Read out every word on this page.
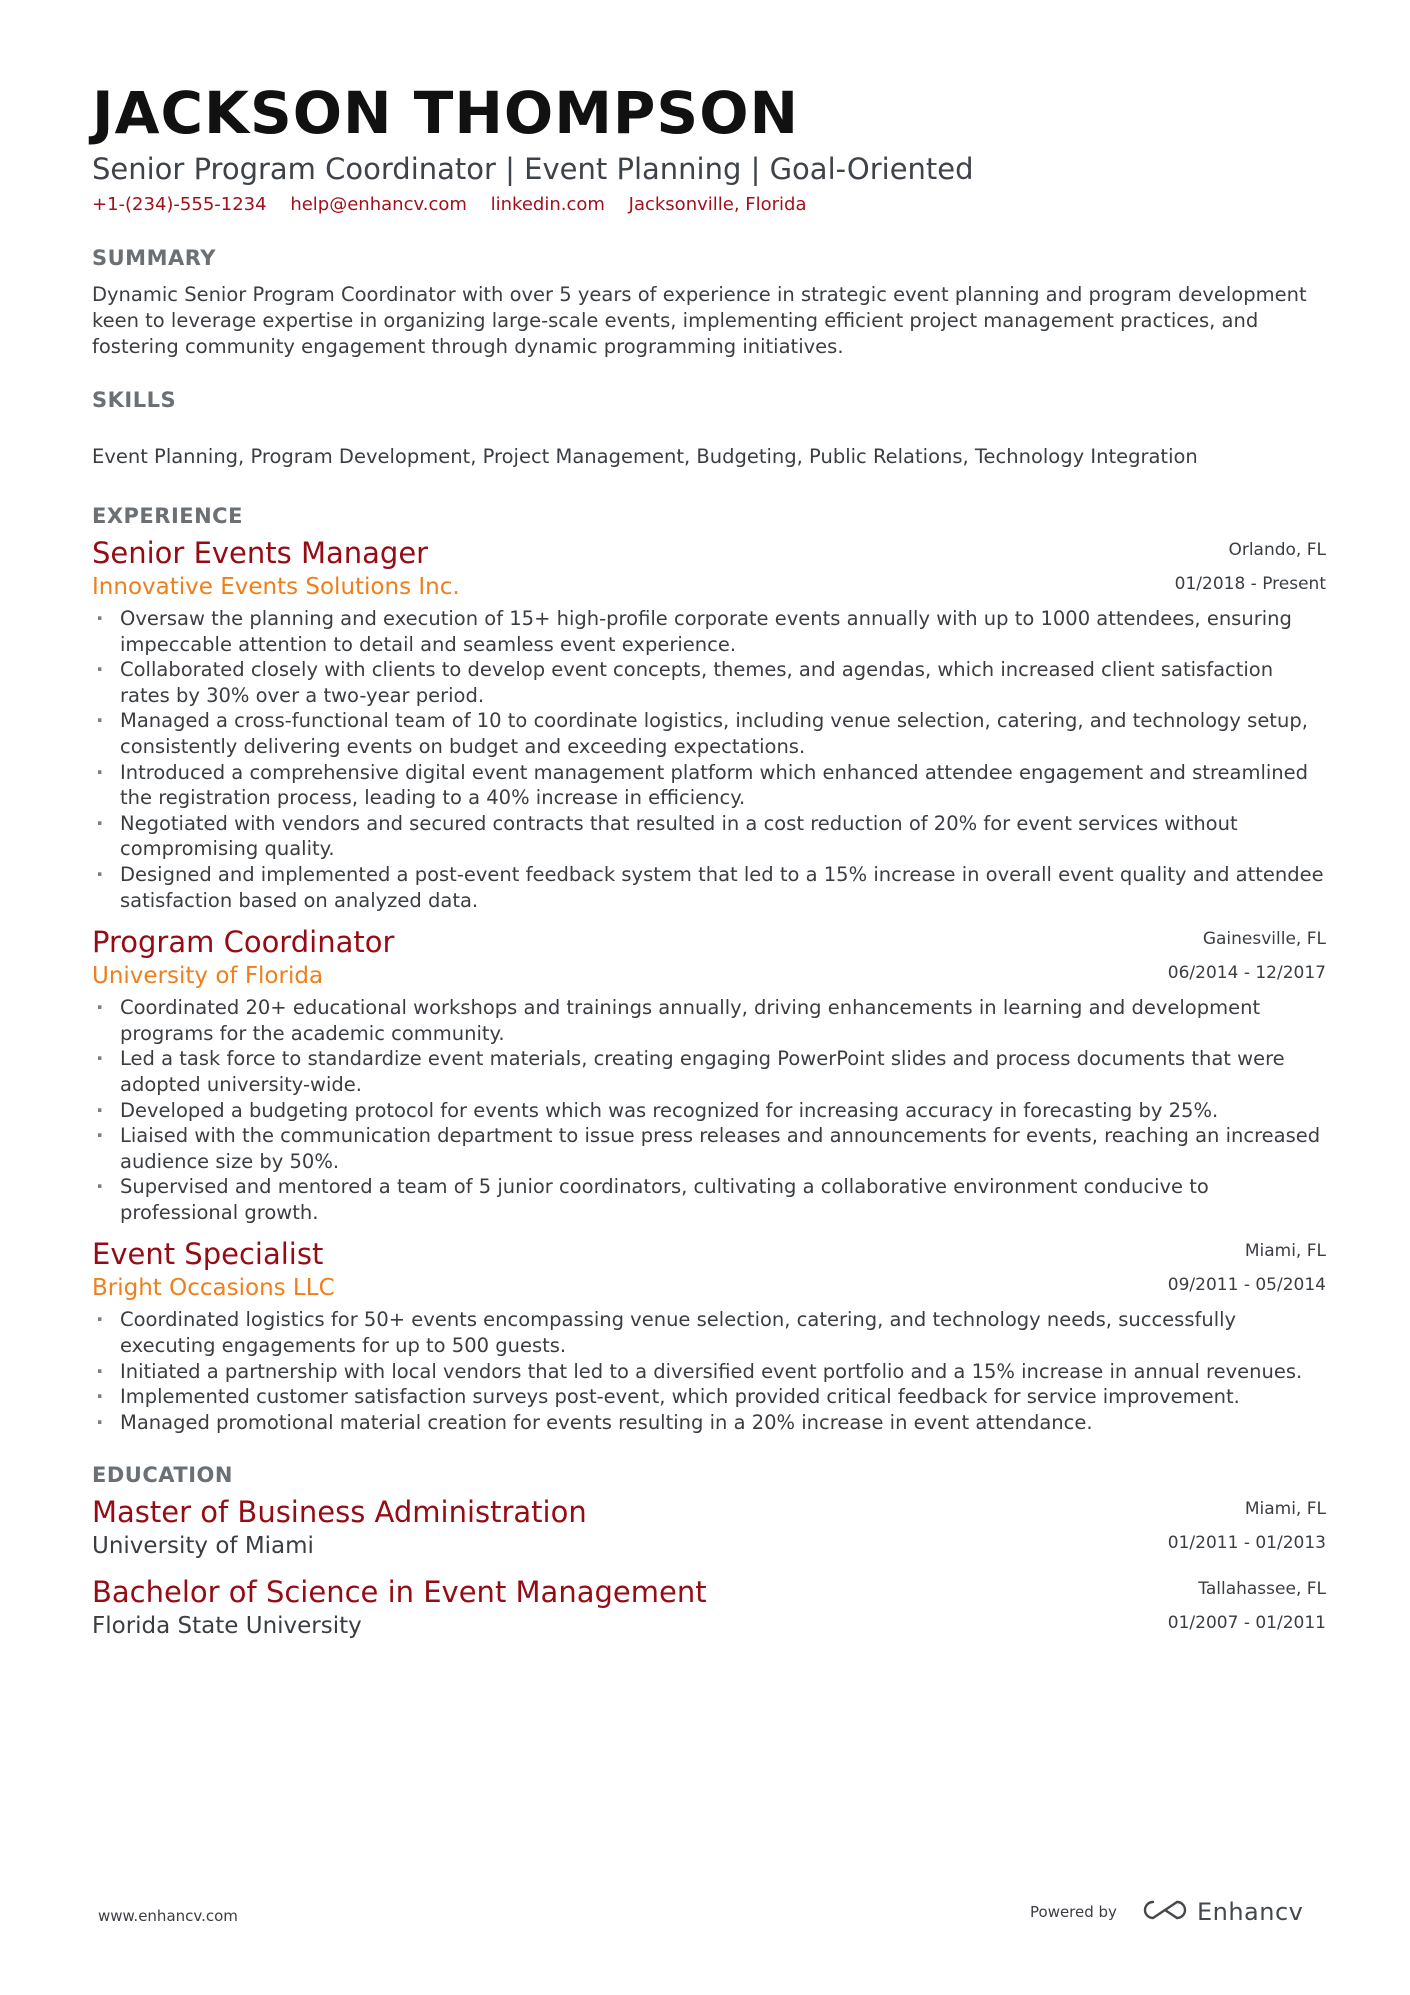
JACKSON THOMPSON
Senior Program Coordinator | Event Planning | Goal-Oriented
+1-(234)-555-1234 help@enhancv.com linkedin.com Jacksonville, Florida
SUMMARY
Dynamic Senior Program Coordinator with over 5 years of experience in strategic event planning and program development keen to leverage expertise in organizing large-scale events, implementing efficient project management practices, and fostering community engagement through dynamic programming initiatives.
SKILLS
Event Planning, Program Development, Project Management, Budgeting, Public Relations, Technology Integration
EXPERIENCE
Senior Events Manager
Innovative Events Solutions Inc.
Orlando, FL
01/2018 - Present
· Oversaw the planning and execution of 15+ high-profile corporate events annually with up to 1000 attendees, ensuring impeccable attention to detail and seamless event experience.
· Collaborated closely with clients to develop event concepts, themes, and agendas, which increased client satisfaction rates by 30% over a two-year period.
· Managed a cross-functional team of 10 to coordinate logistics, including venue selection, catering, and technology setup, consistently delivering events on budget and exceeding expectations.
· Introduced a comprehensive digital event management platform which enhanced attendee engagement and streamlined the registration process, leading to a 40% increase in efficiency.
· Negotiated with vendors and secured contracts that resulted in a cost reduction of 20% for event services without compromising quality.
· Designed and implemented a post-event feedback system that led to a 15% increase in overall event quality and attendee satisfaction based on analyzed data.
Program Coordinator
University of Florida
Gainesville, FL
06/2014 - 12/2017
· Coordinated 20+ educational workshops and trainings annually, driving enhancements in learning and development programs for the academic community.
· Led a task force to standardize event materials, creating engaging PowerPoint slides and process documents that were adopted university-wide.
· Developed a budgeting protocol for events which was recognized for increasing accuracy in forecasting by 25%.
· Liaised with the communication department to issue press releases and announcements for events, reaching an increased audience size by 50%.
· Supervised and mentored a team of 5 junior coordinators, cultivating a collaborative environment conducive to professional growth.
Event Specialist
Bright Occasions LLC
Miami, FL
09/2011 - 05/2014
· Coordinated logistics for 50+ events encompassing venue selection, catering, and technology needs, successfully executing engagements for up to 500 guests.
· Initiated a partnership with local vendors that led to a diversified event portfolio and a 15% increase in annual revenues.
· Implemented customer satisfaction surveys post-event, which provided critical feedback for service improvement.
· Managed promotional material creation for events resulting in a 20% increase in event attendance.
EDUCATION
Master of Business Administration
University of Miami
Miami, FL
01/2011 - 01/2013
Bachelor of Science in Event Management
Florida State University
Tallahassee, FL
01/2007 - 01/2011
www.enhancv.com	Powered by	Enhancv
